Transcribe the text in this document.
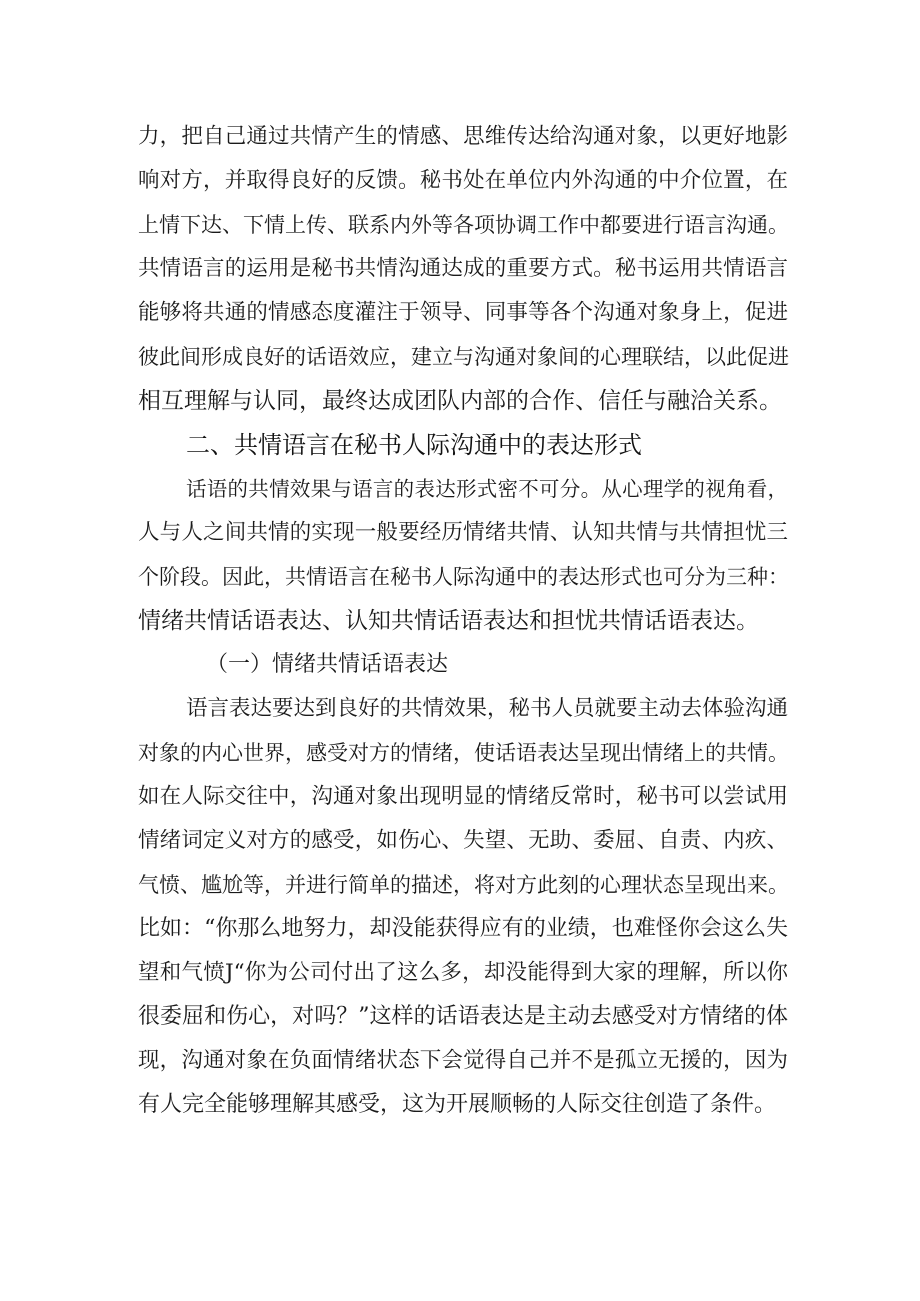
力，把自己通过共情产生的情感、思维传达给沟通对象，以更好地影
响对方，并取得良好的反馈。秘书处在单位内外沟通的中介位置，在
上情下达、下情上传、联系内外等各项协调工作中都要进行语言沟通。
共情语言的运用是秘书共情沟通达成的重要方式。秘书运用共情语言
能够将共通的情感态度灌注于领导、同事等各个沟通对象身上，促进
彼此间形成良好的话语效应，建立与沟通对象间的心理联结，以此促进
相互理解与认同，最终达成团队内部的合作、信任与融洽关系。
二、共情语言在秘书人际沟通中的表达形式
话语的共情效果与语言的表达形式密不可分。从心理学的视角看，
人与人之间共情的实现一般要经历情绪共情、认知共情与共情担忧三
个阶段。因此，共情语言在秘书人际沟通中的表达形式也可分为三种：
情绪共情话语表达、认知共情话语表达和担忧共情话语表达。
（一）情绪共情话语表达
语言表达要达到良好的共情效果，秘书人员就要主动去体验沟通
对象的内心世界，感受对方的情绪，使话语表达呈现出情绪上的共情。
如在人际交往中，沟通对象出现明显的情绪反常时，秘书可以尝试用
情绪词定义对方的感受，如伤心、失望、无助、委屈、自责、内疚、
气愤、尴尬等，并进行简单的描述，将对方此刻的心理状态呈现出来。
比如：“你那么地努力，却没能获得应有的业绩，也难怪你会这么失
望和气愤J“你为公司付出了这么多，却没能得到大家的理解，所以你
很委屈和伤心，对吗？”这样的话语表达是主动去感受对方情绪的体
现，沟通对象在负面情绪状态下会觉得自己并不是孤立无援的，因为
有人完全能够理解其感受，这为开展顺畅的人际交往创造了条件。
